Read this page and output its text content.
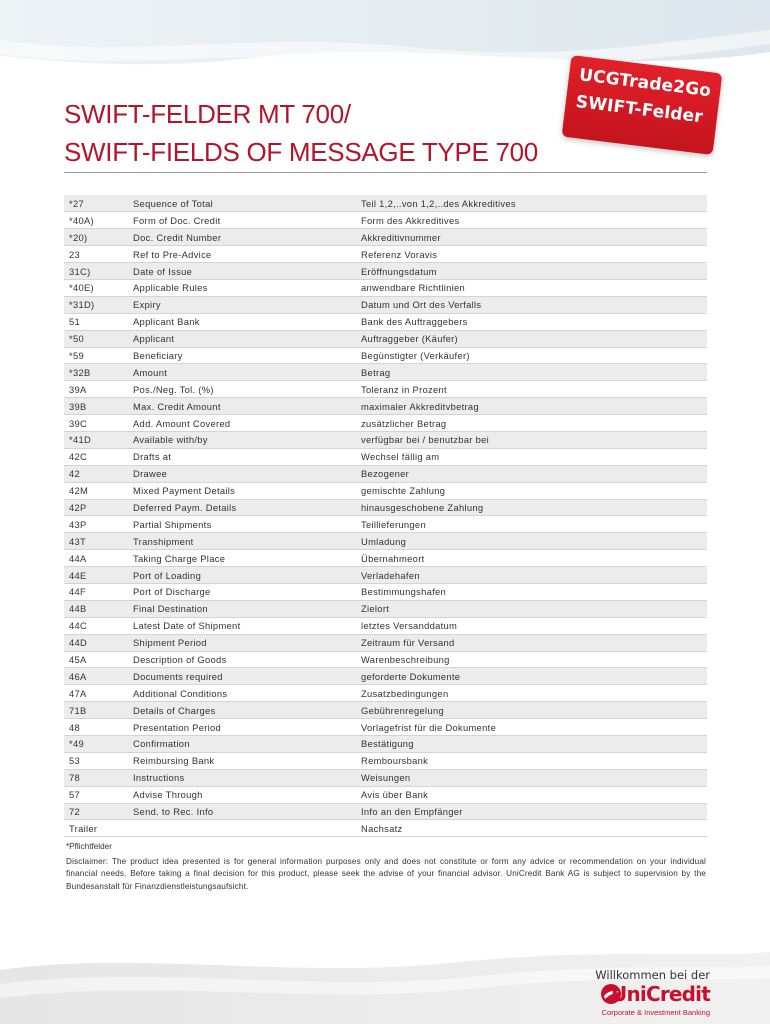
UCGTrade2Go
SWIFT-Felder
SWIFT-FELDER MT 700/
SWIFT-FIELDS OF MESSAGE TYPE 700
*27	Sequence of Total	Teil 1,2,..von 1,2,..des Akkreditives
*40A)	Form of Doc. Credit	Form des Akkreditives
*20)	Doc. Credit Number	Akkreditivnummer
23	Ref to Pre-Advice	Referenz Voravis
31C)	Date of Issue	Eröffnungsdatum
*40E)	Applicable Rules	anwendbare Richtlinien
*31D)	Expiry	Datum und Ort des Verfalls
51	Applicant Bank	Bank des Auftraggebers
*50	Applicant	Auftraggeber (Käufer)
*59	Beneficiary	Begünstigter (Verkäufer)
*32B	Amount	Betrag
39A	Pos./Neg. Tol. (%)	Toleranz in Prozent
39B	Max. Credit Amount	maximaler Akkreditvbetrag
39C	Add. Amount Covered	zusätzlicher Betrag
*41D	Available with/by	verfügbar bei / benutzbar bei
42C	Drafts at	Wechsel fällig am
42	Drawee	Bezogener
42M	Mixed Payment Details	gemischte Zahlung
42P	Deferred Paym. Details	hinausgeschobene Zahlung
43P	Partial Shipments	Teillieferungen
43T	Transhipment	Umladung
44A	Taking Charge Place	Übernahmeort
44E	Port of Loading	Verladehafen
44F	Port of Discharge	Bestimmungshafen
44B	Final Destination	Zielort
44C	Latest Date of Shipment	letztes Versanddatum
44D	Shipment Period	Zeitraum für Versand
45A	Description of Goods	Warenbeschreibung
46A	Documents required	geforderte Dokumente
47A	Additional Conditions	Zusatzbedingungen
71B	Details of Charges	Gebührenregelung
48	Presentation Period	Vorlagefrist für die Dokumente
*49	Confirmation	Bestätigung
53	Reimbursing Bank	Remboursbank
78	Instructions	Weisungen
57	Advise Through	Avis über Bank
72	Send. to Rec. Info	Info an den Empfänger
Trailer		Nachsatz
*Pflichtfelder
Disclaimer: The product idea presented is for general information purposes only and does not constitute or form any advice or recommendation on your individual financial needs. Before taking a final decision for this product, please seek the advise of your financial advisor. UniCredit Bank AG is subject to supervision by the Bundesanstalt für Finanzdienstleistungsaufsicht.
Willkommen bei der
UniCredit
Corporate & Investment Banking
